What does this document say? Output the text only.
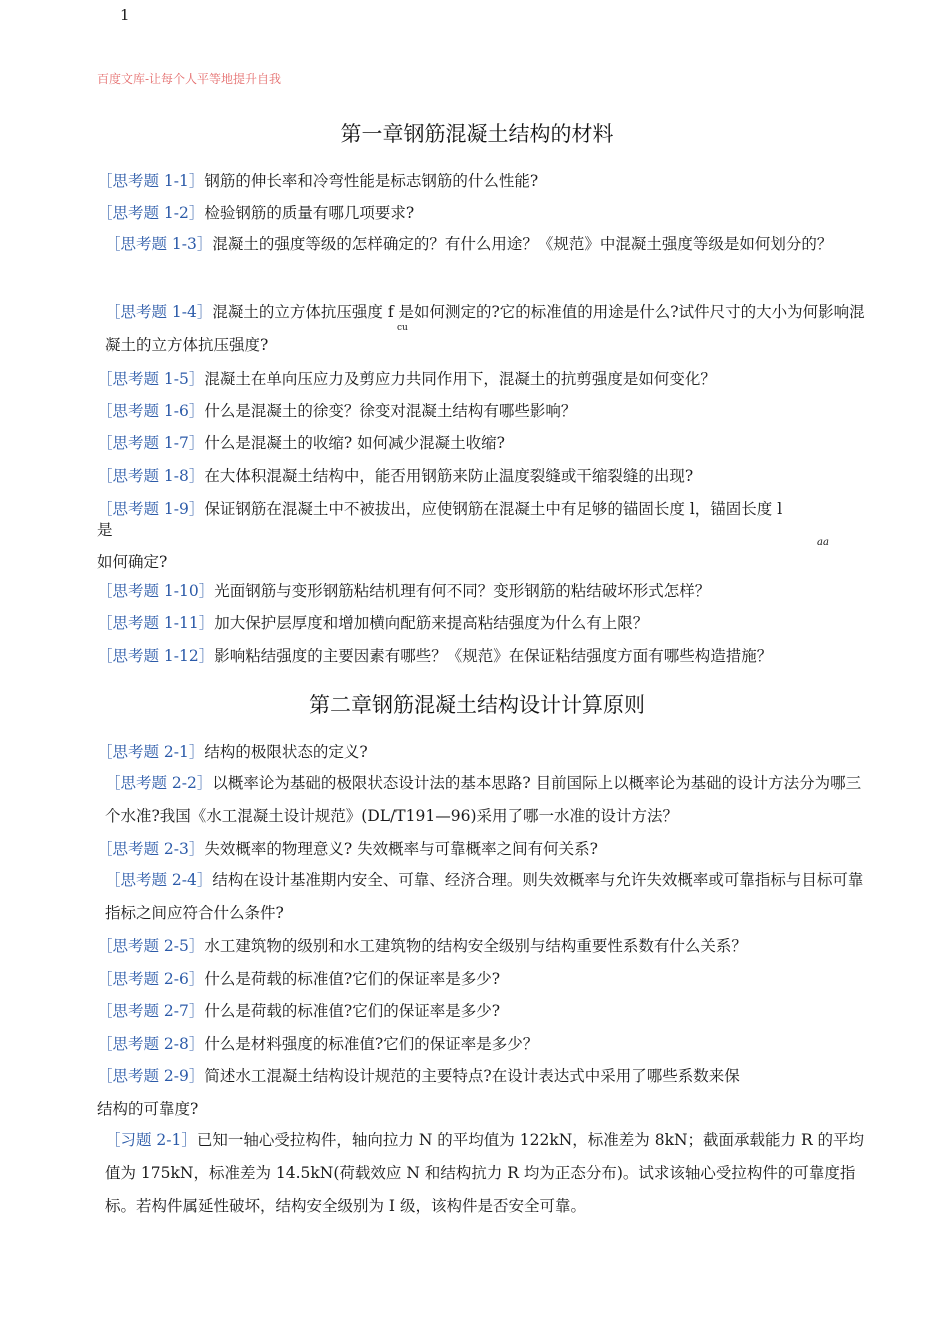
1
百度文库-让每个人平等地提升自我
第一章钢筋混凝土结构的材料
［思考题 1-1］钢筋的伸长率和冷弯性能是标志钢筋的什么性能?
［思考题 1-2］检验钢筋的质量有哪几项要求?
［思考题 1-3］混凝土的强度等级的怎样确定的？有什么用途？《规范》中混凝土强度等级是如何划分的？
［思考题 1-4］混凝土的立方体抗压强度 f 是如何测定的?它的标准值的用途是什么?试件尺寸的大小为何影响混凝土的立方体抗压强度?
cu
［思考题 1-5］混凝土在单向压应力及剪应力共同作用下，混凝土的抗剪强度是如何变化？
［思考题 1-6］什么是混凝土的徐变？徐变对混凝土结构有哪些影响？
［思考题 1-7］什么是混凝土的收缩? 如何减少混凝土收缩?
［思考题 1-8］在大体积混凝土结构中，能否用钢筋来防止温度裂缝或干缩裂缝的出现?
［思考题 1-9］保证钢筋在混凝土中不被拔出，应使钢筋在混凝土中有足够的锚固长度 l，锚固长度 l
是
aa
如何确定?
［思考题 1-10］光面钢筋与变形钢筋粘结机理有何不同？变形钢筋的粘结破坏形式怎样？
［思考题 1-11］加大保护层厚度和增加横向配筋来提高粘结强度为什么有上限？
［思考题 1-12］影响粘结强度的主要因素有哪些？《规范》在保证粘结强度方面有哪些构造措施？
第二章钢筋混凝土结构设计计算原则
［思考题 2-1］结构的极限状态的定义?
［思考题 2-2］以概率论为基础的极限状态设计法的基本思路? 目前国际上以概率论为基础的设计方法分为哪三个水准?我国《水工混凝土设计规范》(DL/T191—96)采用了哪一水准的设计方法？
［思考题 2-3］失效概率的物理意义? 失效概率与可靠概率之间有何关系?
［思考题 2-4］结构在设计基准期内安全、可靠、经济合理。则失效概率与允许失效概率或可靠指标与目标可靠指标之间应符合什么条件?
［思考题 2-5］水工建筑物的级别和水工建筑物的结构安全级别与结构重要性系数有什么关系？
［思考题 2-6］什么是荷载的标准值?它们的保证率是多少?
［思考题 2-7］什么是荷载的标准值?它们的保证率是多少?
［思考题 2-8］什么是材料强度的标准值?它们的保证率是多少？
［思考题 2-9］简述水工混凝土结构设计规范的主要特点?在设计表达式中采用了哪些系数来保
结构的可靠度?
［习题 2-1］已知一轴心受拉构件，轴向拉力 N 的平均值为 122kN，标准差为 8kN；截面承载能力 R 的平均值为 175kN，标准差为 14.5kN(荷载效应 N 和结构抗力 R 均为正态分布)。试求该轴心受拉构件的可靠度指标。若构件属延性破坏，结构安全级别为 I 级，该构件是否安全可靠。
